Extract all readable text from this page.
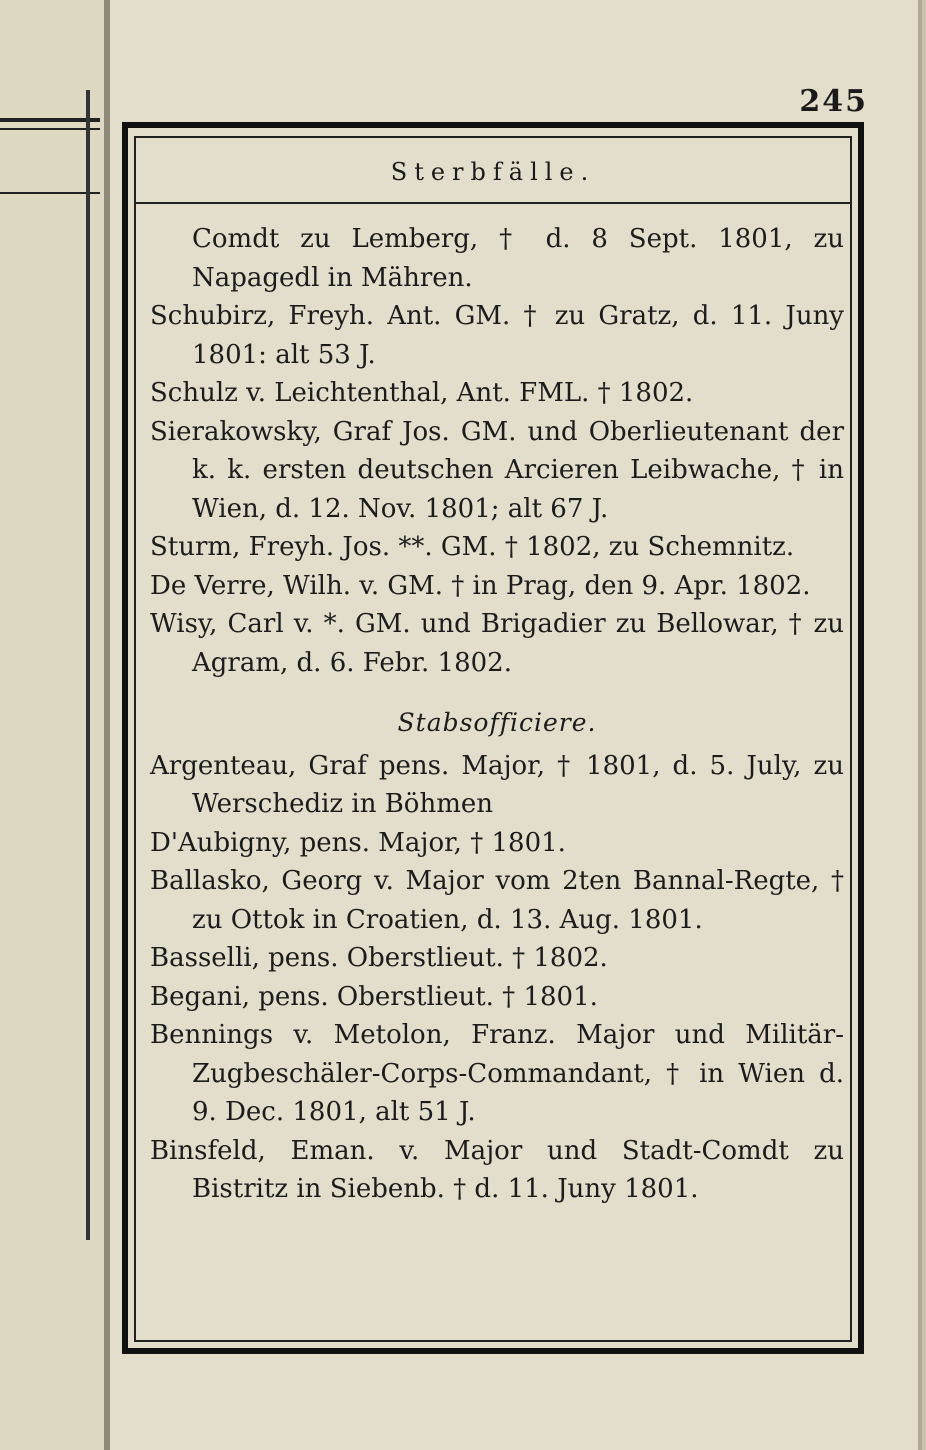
245
Sterbfälle.
Comdt zu Lemberg, † d. 8 Sept. 1801, zu Napagedl in Mähren.
Schubirz, Freyh. Ant. GM. † zu Gratz, d. 11. Juny 1801: alt 53 J.
Schulz v. Leichtenthal, Ant. FML. † 1802.
Sierakowsky, Graf Jos. GM. und Oberlieutenant der k. k. ersten deutschen Arcieren Leibwache, † in Wien, d. 12. Nov. 1801; alt 67 J.
Sturm, Freyh. Jos. **. GM. † 1802, zu Schemnitz.
De Verre, Wilh. v. GM. † in Prag, den 9. Apr. 1802.
Wisy, Carl v. *. GM. und Brigadier zu Bellowar, † zu Agram, d. 6. Febr. 1802.
Stabsofficiere.
Argenteau, Graf pens. Major, † 1801, d. 5. July, zu Werschediz in Böhmen
D'Aubigny, pens. Major, † 1801.
Ballasko, Georg v. Major vom 2ten Bannal-Regte, † zu Ottok in Croatien, d. 13. Aug. 1801.
Basselli, pens. Oberstlieut. † 1802.
Begani, pens. Oberstlieut. † 1801.
Bennings v. Metolon, Franz. Major und Militär-Zugbeschäler-Corps-Commandant, † in Wien d. 9. Dec. 1801, alt 51 J.
Binsfeld, Eman. v. Major und Stadt-Comdt zu Bistritz in Siebenb. † d. 11. Juny 1801.
